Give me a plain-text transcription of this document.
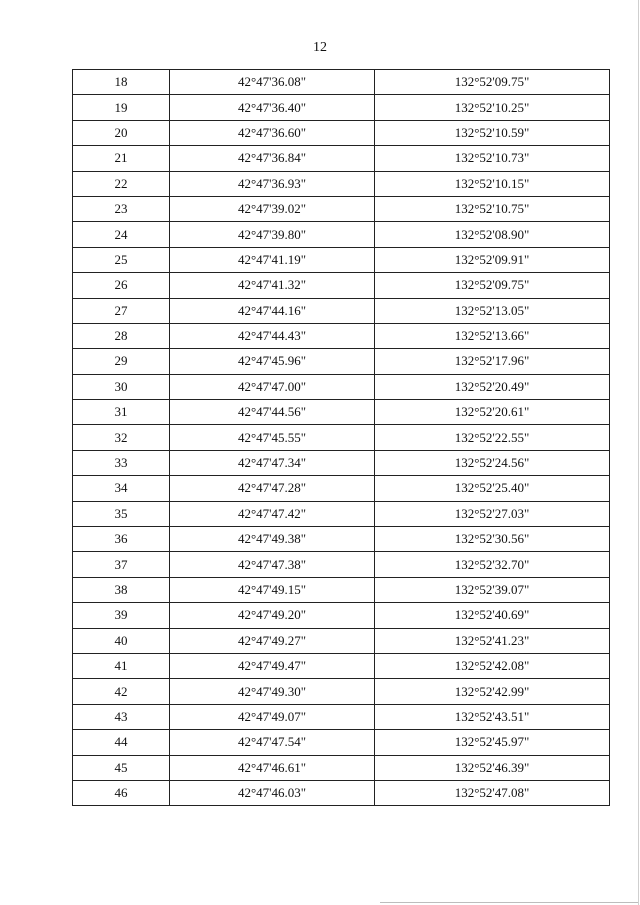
12
18	42°47'36.08"	132°52'09.75"
19	42°47'36.40"	132°52'10.25"
20	42°47'36.60"	132°52'10.59"
21	42°47'36.84"	132°52'10.73"
22	42°47'36.93"	132°52'10.15"
23	42°47'39.02"	132°52'10.75"
24	42°47'39.80"	132°52'08.90"
25	42°47'41.19"	132°52'09.91"
26	42°47'41.32"	132°52'09.75"
27	42°47'44.16"	132°52'13.05"
28	42°47'44.43"	132°52'13.66"
29	42°47'45.96"	132°52'17.96"
30	42°47'47.00"	132°52'20.49"
31	42°47'44.56"	132°52'20.61"
32	42°47'45.55"	132°52'22.55"
33	42°47'47.34"	132°52'24.56"
34	42°47'47.28"	132°52'25.40"
35	42°47'47.42"	132°52'27.03"
36	42°47'49.38"	132°52'30.56"
37	42°47'47.38"	132°52'32.70"
38	42°47'49.15"	132°52'39.07"
39	42°47'49.20"	132°52'40.69"
40	42°47'49.27"	132°52'41.23"
41	42°47'49.47"	132°52'42.08"
42	42°47'49.30"	132°52'42.99"
43	42°47'49.07"	132°52'43.51"
44	42°47'47.54"	132°52'45.97"
45	42°47'46.61"	132°52'46.39"
46	42°47'46.03"	132°52'47.08"
